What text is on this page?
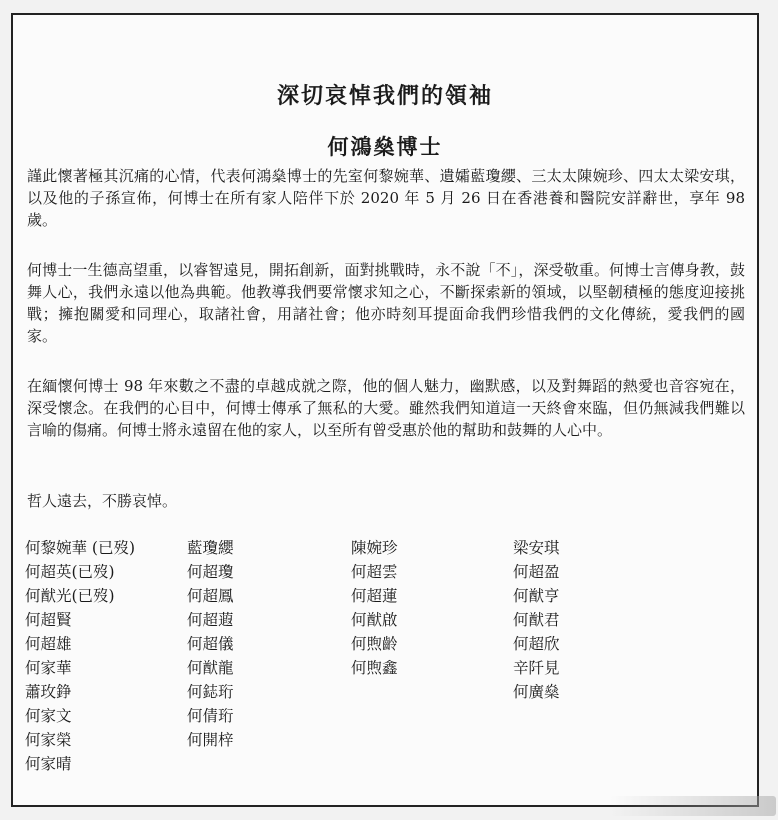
深切哀悼我們的領袖
何鴻燊博士

謹此懷著極其沉痛的心情，代表何鴻燊博士的先室何黎婉華、遺孀藍瓊纓、三太太陳婉珍、四太太梁安琪，以及他的子孫宣佈，何博士在所有家人陪伴下於 2020 年 5 月 26 日在香港養和醫院安詳辭世，享年 98 歲。

何博士一生德高望重，以睿智遠見，開拓創新，面對挑戰時，永不說「不」，深受敬重。何博士言傳身教，鼓舞人心，我們永遠以他為典範。他教導我們要常懷求知之心，不斷探索新的領域，以堅韌積極的態度迎接挑戰；擁抱關愛和同理心，取諸社會，用諸社會；他亦時刻耳提面命我們珍惜我們的文化傳統，愛我們的國家。

在緬懷何博士 98 年來數之不盡的卓越成就之際，他的個人魅力，幽默感，以及對舞蹈的熱愛也音容宛在，深受懷念。在我們的心目中，何博士傳承了無私的大愛。雖然我們知道這一天終會來臨，但仍無減我們難以言喻的傷痛。何博士將永遠留在他的家人，以至所有曾受惠於他的幫助和鼓舞的人心中。

哲人遠去，不勝哀悼。

何黎婉華 (已歿)
何超英(已歿)
何猷光(已歿)
何超賢
何超雄
何家華
蕭玫錚
何家文
何家榮
何家晴
藍瓊纓
何超瓊
何超鳳
何超蕸
何超儀
何猷龍
何鋕珩
何倩珩
何開梓
陳婉珍
何超雲
何超蓮
何猷啟
何煦齡
何煦鑫
梁安琪
何超盈
何猷亨
何猷君
何超欣
辛阡見
何廣燊
